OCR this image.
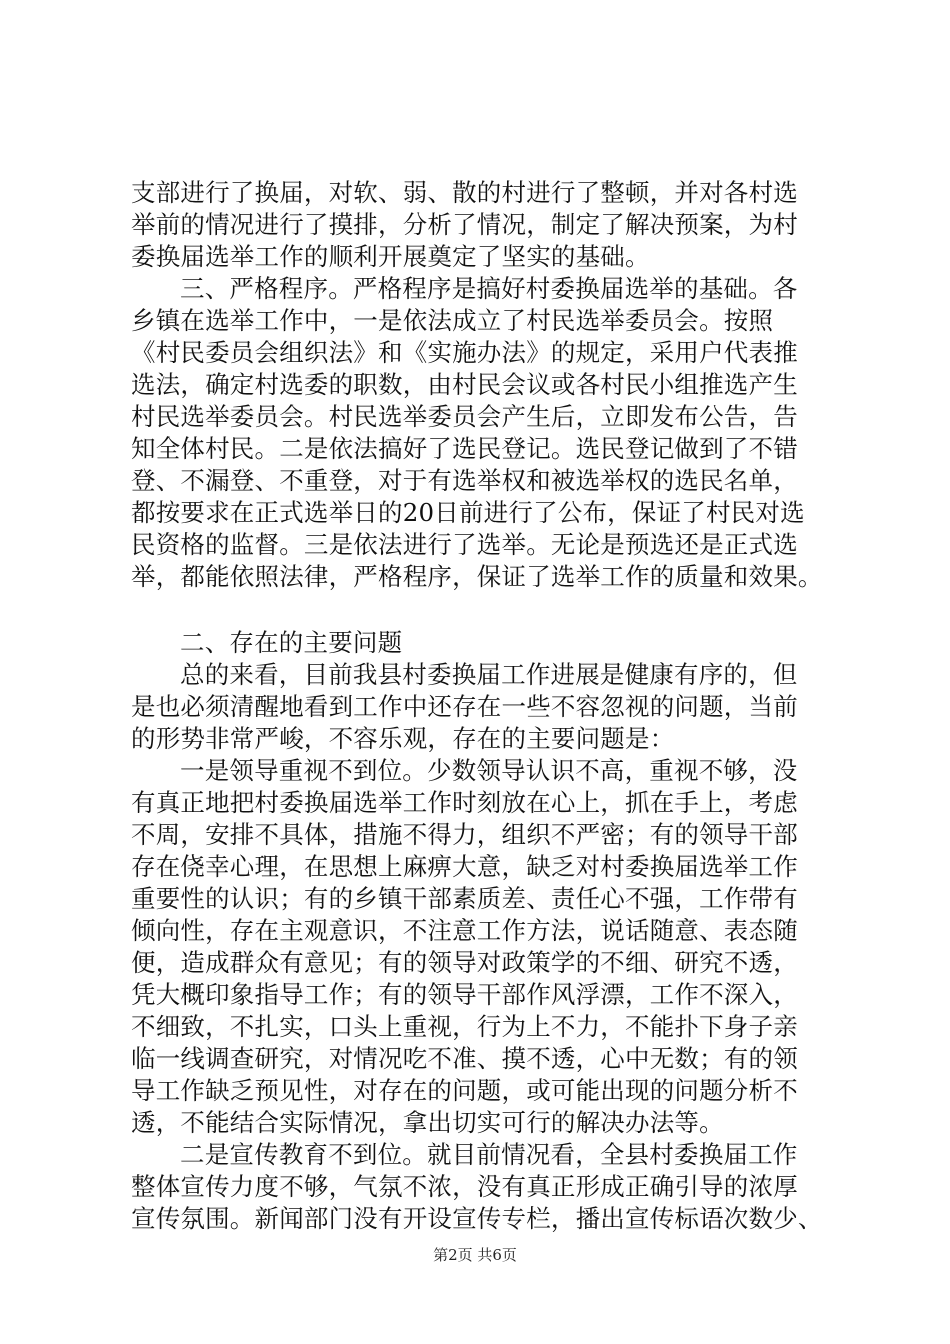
支部进行了换届，对软、弱、散的村进行了整顿，并对各村选
举前的情况进行了摸排，分析了情况，制定了解决预案，为村
委换届选举工作的顺利开展奠定了坚实的基础。
三、严格程序。严格程序是搞好村委换届选举的基础。各
乡镇在选举工作中，一是依法成立了村民选举委员会。按照
《村民委员会组织法》和《实施办法》的规定，采用户代表推
选法，确定村选委的职数，由村民会议或各村民小组推选产生
村民选举委员会。村民选举委员会产生后，立即发布公告，告
知全体村民。二是依法搞好了选民登记。选民登记做到了不错
登、不漏登、不重登，对于有选举权和被选举权的选民名单，
都按要求在正式选举日的20日前进行了公布，保证了村民对选
民资格的监督。三是依法进行了选举。无论是预选还是正式选
举，都能依照法律，严格程序，保证了选举工作的质量和效果。
二、存在的主要问题
总的来看，目前我县村委换届工作进展是健康有序的，但
是也必须清醒地看到工作中还存在一些不容忽视的问题，当前
的形势非常严峻，不容乐观，存在的主要问题是：
一是领导重视不到位。少数领导认识不高，重视不够，没
有真正地把村委换届选举工作时刻放在心上，抓在手上，考虑
不周，安排不具体，措施不得力，组织不严密；有的领导干部
存在侥幸心理，在思想上麻痹大意，缺乏对村委换届选举工作
重要性的认识；有的乡镇干部素质差、责任心不强，工作带有
倾向性，存在主观意识，不注意工作方法，说话随意、表态随
便，造成群众有意见；有的领导对政策学的不细、研究不透，
凭大概印象指导工作；有的领导干部作风浮漂，工作不深入，
不细致，不扎实，口头上重视，行为上不力，不能扑下身子亲
临一线调查研究，对情况吃不准、摸不透，心中无数；有的领
导工作缺乏预见性，对存在的问题，或可能出现的问题分析不
透，不能结合实际情况，拿出切实可行的解决办法等。
二是宣传教育不到位。就目前情况看，全县村委换届工作
整体宣传力度不够，气氛不浓，没有真正形成正确引导的浓厚
宣传氛围。新闻部门没有开设宣传专栏，播出宣传标语次数少、
第2页 共6页
